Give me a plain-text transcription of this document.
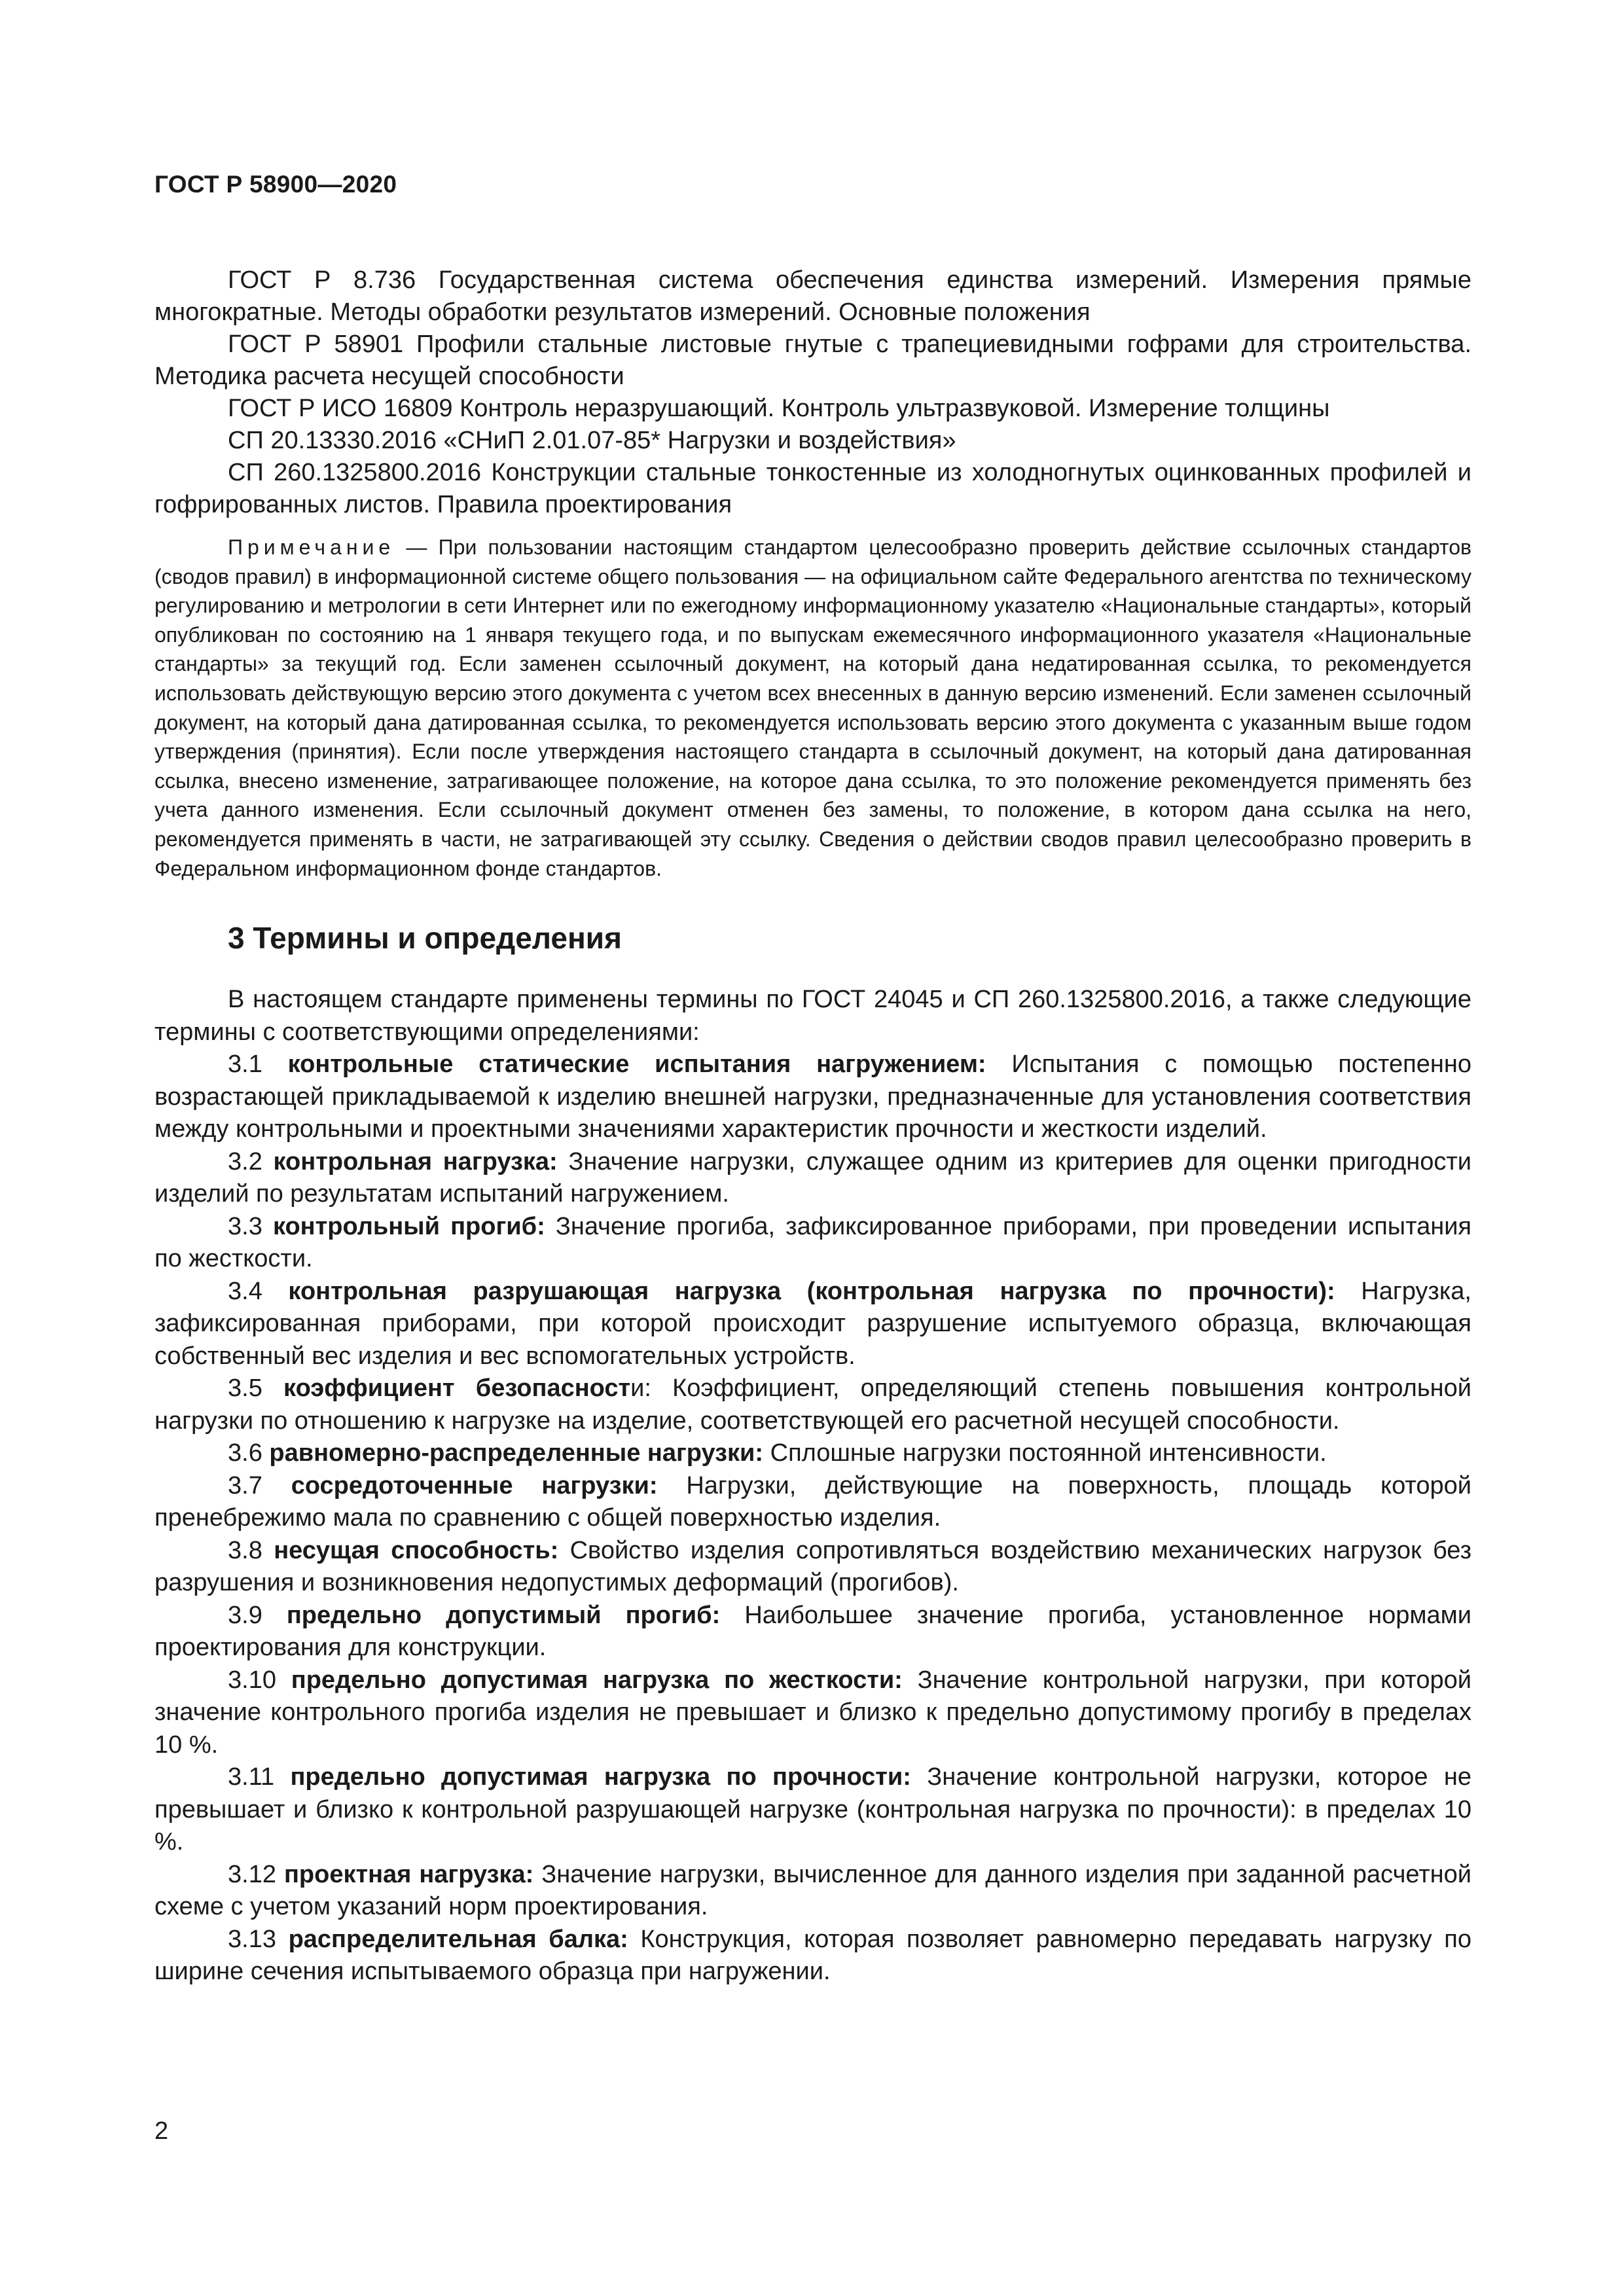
ГОСТ Р 58900—2020

ГОСТ Р 8.736 Государственная система обеспечения единства измерений. Измерения прямые многократные. Методы обработки результатов измерений. Основные положения

ГОСТ Р 58901 Профили стальные листовые гнутые с трапециевидными гофрами для строительства. Методика расчета несущей способности

ГОСТ Р ИСО 16809 Контроль неразрушающий. Контроль ультразвуковой. Измерение толщины

СП 20.13330.2016 «СНиП 2.01.07-85* Нагрузки и воздействия»

СП 260.1325800.2016 Конструкции стальные тонкостенные из холодногнутых оцинкованных профилей и гофрированных листов. Правила проектирования

Примечание — При пользовании настоящим стандартом целесообразно проверить действие ссылочных стандартов (сводов правил) в информационной системе общего пользования — на официальном сайте Федерального агентства по техническому регулированию и метрологии в сети Интернет или по ежегодному информационному указателю «Национальные стандарты», который опубликован по состоянию на 1 января текущего года, и по выпускам ежемесячного информационного указателя «Национальные стандарты» за текущий год. Если заменен ссылочный документ, на который дана недатированная ссылка, то рекомендуется использовать действующую версию этого документа с учетом всех внесенных в данную версию изменений. Если заменен ссылочный документ, на который дана датированная ссылка, то рекомендуется использовать версию этого документа с указанным выше годом утверждения (принятия). Если после утверждения настоящего стандарта в ссылочный документ, на который дана датированная ссылка, внесено изменение, затрагивающее положение, на которое дана ссылка, то это положение рекомендуется применять без учета данного изменения. Если ссылочный документ отменен без замены, то положение, в котором дана ссылка на него, рекомендуется применять в части, не затрагивающей эту ссылку. Сведения о действии сводов правил целесообразно проверить в Федеральном информационном фонде стандартов.
3 Термины и определения

В настоящем стандарте применены термины по ГОСТ 24045 и СП 260.1325800.2016, а также следующие термины с соответствующими определениями:

3.1 контрольные статические испытания нагружением: Испытания с помощью постепенно возрастающей прикладываемой к изделию внешней нагрузки, предназначенные для установления соответствия между контрольными и проектными значениями характеристик прочности и жесткости изделий.

3.2 контрольная нагрузка: Значение нагрузки, служащее одним из критериев для оценки пригодности изделий по результатам испытаний нагружением.

3.3 контрольный прогиб: Значение прогиба, зафиксированное приборами, при проведении испытания по жесткости.

3.4 контрольная разрушающая нагрузка (контрольная нагрузка по прочности): Нагрузка, зафиксированная приборами, при которой происходит разрушение испытуемого образца, включающая собственный вес изделия и вес вспомогательных устройств.

3.5 коэффициент безопасности: Коэффициент, определяющий степень повышения контрольной нагрузки по отношению к нагрузке на изделие, соответствующей его расчетной несущей способности.

3.6 равномерно-распределенные нагрузки: Сплошные нагрузки постоянной интенсивности.

3.7 сосредоточенные нагрузки: Нагрузки, действующие на поверхность, площадь которой пренебрежимо мала по сравнению с общей поверхностью изделия.

3.8 несущая способность: Свойство изделия сопротивляться воздействию механических нагрузок без разрушения и возникновения недопустимых деформаций (прогибов).

3.9 предельно допустимый прогиб: Наибольшее значение прогиба, установленное нормами проектирования для конструкции.

3.10 предельно допустимая нагрузка по жесткости: Значение контрольной нагрузки, при которой значение контрольного прогиба изделия не превышает и близко к предельно допустимому прогибу в пределах 10 %.

3.11 предельно допустимая нагрузка по прочности: Значение контрольной нагрузки, которое не превышает и близко к контрольной разрушающей нагрузке (контрольная нагрузка по прочности): в пределах 10 %.

3.12 проектная нагрузка: Значение нагрузки, вычисленное для данного изделия при заданной расчетной схеме с учетом указаний норм проектирования.

3.13 распределительная балка: Конструкция, которая позволяет равномерно передавать нагрузку по ширине сечения испытываемого образца при нагружении.

2
